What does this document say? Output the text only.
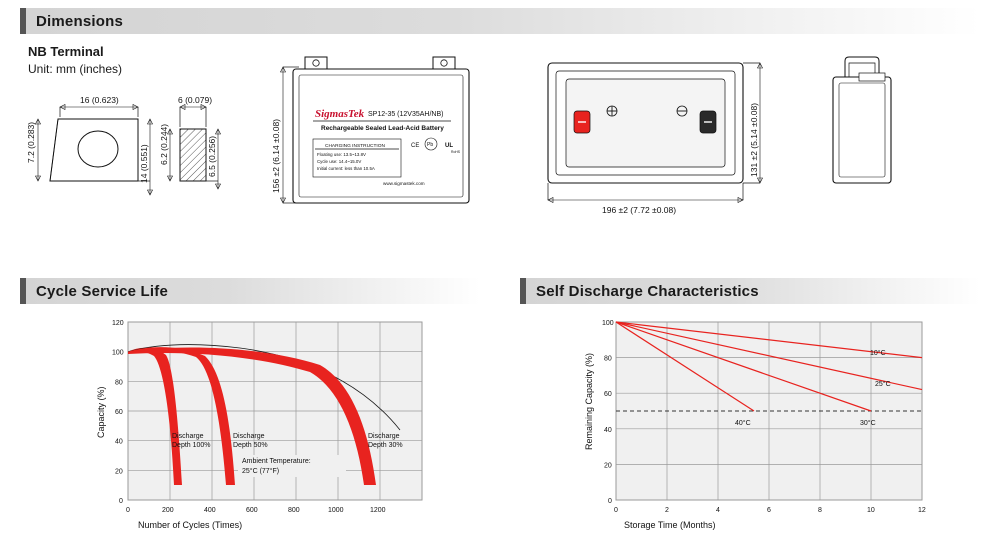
Dimensions
NB Terminal
Unit: mm (inches)
16 (0.623)
7.2 (0.283)
14 (0.551)
6 (0.079)
6.2 (0.244)	6.5 (0.256)	156 ±2 (6.14 ±0.08)
SigmasTek SP12-35 (12V35AH/NB)
Rechargeable Sealed Lead-Acid Battery
CHARGING INSTRUCTION
Floating use: 13.5~13.8V
Cycle use: 14.4~15.0V
Initial current: less than 10.5A
CE Pb UL
RoHS
www.sigmastek.com
131 ±2 (5.14 ±0.08)
196 ±2 (7.72 ±0.08)
Cycle Service Life
120
100
80
60
40
20
0
0	200	400	600	800	1000	1200
Number of Cycles (Times)
Capacity (%)	Discharge
Depth 100%
Discharge
Depth 50%
Discharge
Depth 30%
Ambient Temperature:
25°C (77°F)
Self Discharge Characteristics
100
80
60
40
20
0
0	2	4	6	8	10	12
Storage Time (Months)
Remaining Capacity (%)	10°C
25°C
30°C
40°C
